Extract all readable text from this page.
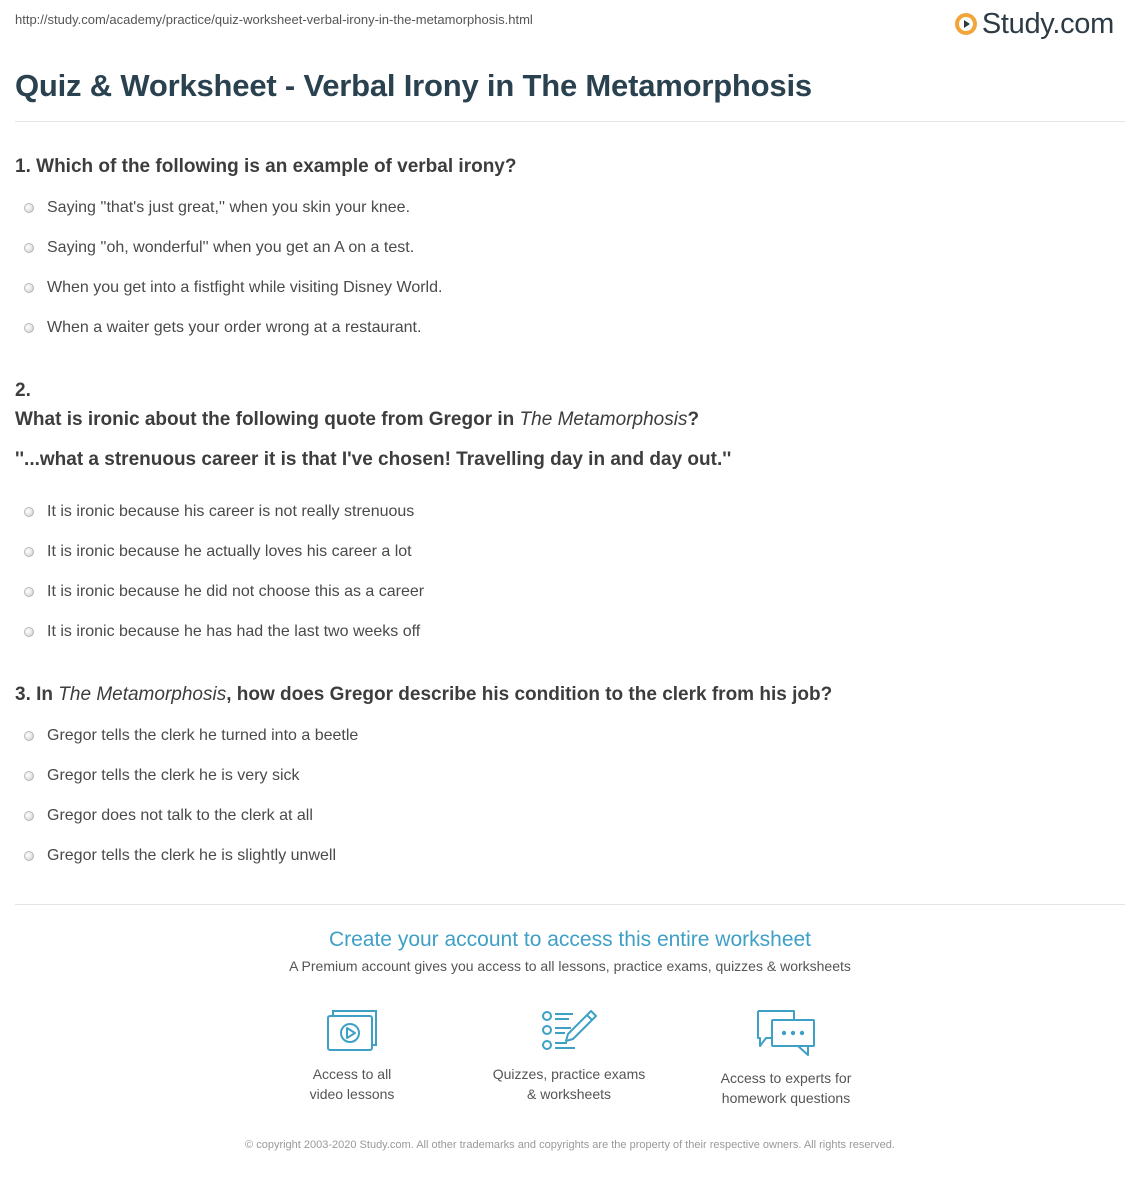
http://study.com/academy/practice/quiz-worksheet-verbal-irony-in-the-metamorphosis.html	Study.com
Quiz & Worksheet - Verbal Irony in The Metamorphosis
1. Which of the following is an example of verbal irony?
Saying ''that's just great,'' when you skin your knee.
Saying ''oh, wonderful'' when you get an A on a test.
When you get into a fistfight while visiting Disney World.
When a waiter gets your order wrong at a restaurant.
2.
What is ironic about the following quote from Gregor in The Metamorphosis?
''...what a strenuous career it is that I've chosen! Travelling day in and day out.''
It is ironic because his career is not really strenuous
It is ironic because he actually loves his career a lot
It is ironic because he did not choose this as a career
It is ironic because he has had the last two weeks off
3. In The Metamorphosis, how does Gregor describe his condition to the clerk from his job?
Gregor tells the clerk he turned into a beetle
Gregor tells the clerk he is very sick
Gregor does not talk to the clerk at all
Gregor tells the clerk he is slightly unwell
Create your account to access this entire worksheet
A Premium account gives you access to all lessons, practice exams, quizzes & worksheets
Access to all
video lessons
Quizzes, practice exams
& worksheets
Access to experts for
homework questions
© copyright 2003-2020 Study.com. All other trademarks and copyrights are the property of their respective owners. All rights reserved.
